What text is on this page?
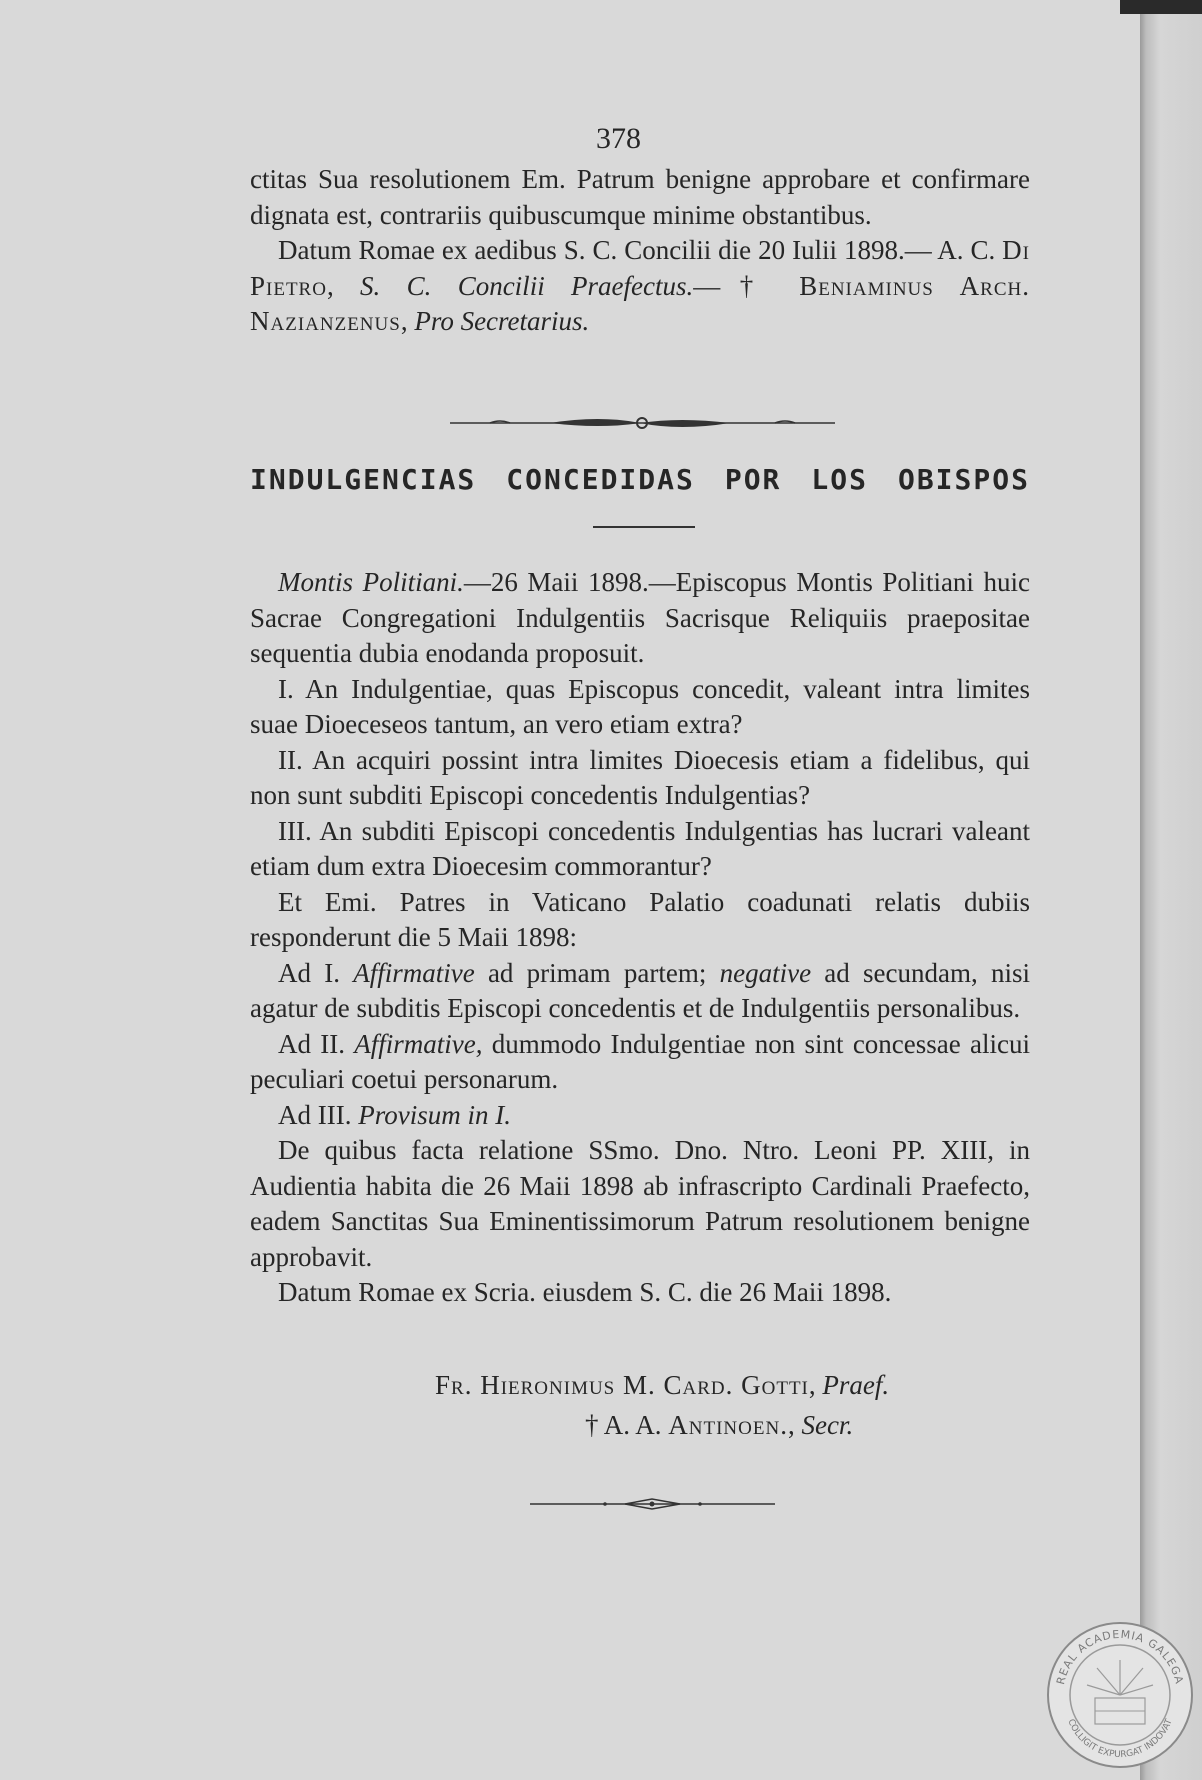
378

ctitas Sua resolutionem Em. Patrum benigne approbare et confirmare dignata est, contrariis quibuscumque minime obstantibus.

Datum Romae ex aedibus S. C. Concilii die 20 Iulii 1898.— A. C. Di Pietro, S. C. Concilii Praefectus.—† Beniaminus Arch. Nazianzenus, Pro Secretarius.

INDULGENCIAS CONCEDIDAS POR LOS OBISPOS

Montis Politiani.—26 Maii 1898.—Episcopus Montis Politiani huic Sacrae Congregationi Indulgentiis Sacrisque Reliquiis praepositae sequentia dubia enodanda proposuit.

I. An Indulgentiae, quas Episcopus concedit, valeant intra limites suae Dioeceseos tantum, an vero etiam extra?

II. An acquiri possint intra limites Dioecesis etiam a fidelibus, qui non sunt subditi Episcopi concedentis Indulgentias?

III. An subditi Episcopi concedentis Indulgentias has lucrari valeant etiam dum extra Dioecesim commorantur?

Et Emi. Patres in Vaticano Palatio coadunati relatis dubiis responderunt die 5 Maii 1898:

Ad I. Affirmative ad primam partem; negative ad secundam, nisi agatur de subditis Episcopi concedentis et de Indulgentiis personalibus.

Ad II. Affirmative, dummodo Indulgentiae non sint concessae alicui peculiari coetui personarum.

Ad III. Provisum in I.

De quibus facta relatione SSmo. Dno. Ntro. Leoni PP. XIII, in Audientia habita die 26 Maii 1898 ab infrascripto Cardinali Praefecto, eadem Sanctitas Sua Eminentissimorum Patrum resolutionem benigne approbavit.

Datum Romae ex Scria. eiusdem S. C. die 26 Maii 1898.

Fr. Hieronimus M. Card. Gotti, Praef.
† A. A. Antinoen., Secr.
REAL ACADEMIA GALEGA
COLLIGIT EXPURGAT INDOVAT
